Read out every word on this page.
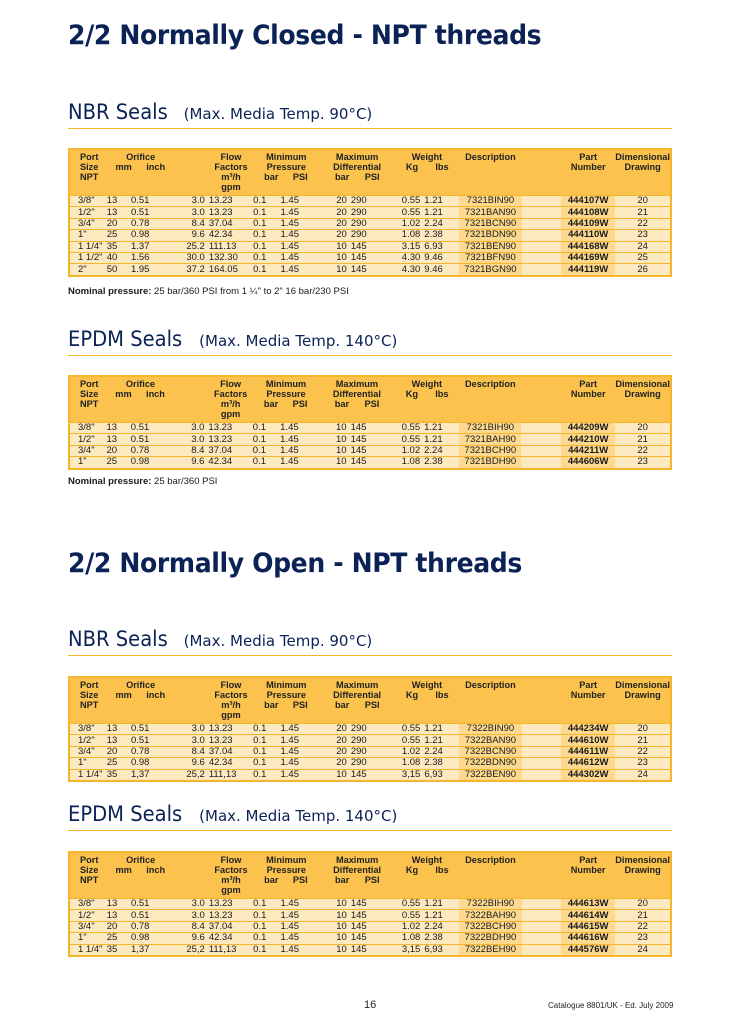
2/2 Normally Closed - NPT threads
NBR Seals (Max. Media Temp. 90°C)
Port
Size
NPT	Orifice
mm inch			Flow Factors
m³/hgpm	Minimum
Pressure
bar PSI		Maximum
Differential
bar PSI		Weight
Kg lbs		Description		Part
Number	Dimensional
Drawing
3/8"	13	0.51	3.0	13.23	0.1	1.45	20	290	0.55	1.21	7321BIN90		444107W	20
1/2"	13	0.51	3.0	13.23	0.1	1.45	20	290	0.55	1.21	7321BAN90		444108W	21
3/4"	20	0.78	8.4	37.04	0.1	1.45	20	290	1.02	2.24	7321BCN90		444109W	22
1"	25	0.98	9.6	42.34	0.1	1.45	20	290	1.08	2.38	7321BDN90		444110W	23
1 1/4"	35	1.37	25.2	111.13	0.1	1.45	10	145	3.15	6.93	7321BEN90		444168W	24
1 1/2"	40	1.56	30.0	132.30	0.1	1.45	10	145	4.30	9.46	7321BFN90		444169W	25
2"	50	1.95	37.2	164.05	0.1	1.45	10	145	4.30	9.46	7321BGN90		444119W	26

Nominal pressure: 25 bar/360 PSI from 1 ¼" to 2" 16 bar/230 PSI

EPDM Seals (Max. Media Temp. 140°C)
Port
Size
NPT	Orifice
mm inch			Flow Factors
m³/hgpm	Minimum
Pressure
bar PSI		Maximum
Differential
bar PSI		Weight
Kg lbs		Description		Part
Number	Dimensional
Drawing
3/8"	13	0.51	3.0	13.23	0.1	1.45	10	145	0.55	1.21	7321BIH90		444209W	20
1/2"	13	0.51	3.0	13.23	0.1	1.45	10	145	0.55	1.21	7321BAH90		444210W	21
3/4"	20	0.78	8.4	37.04	0.1	1.45	10	145	1.02	2.24	7321BCH90		444211W	22
1"	25	0.98	9.6	42.34	0.1	1.45	10	145	1.08	2.38	7321BDH90		444606W	23

Nominal pressure: 25 bar/360 PSI

2/2 Normally Open - NPT threads
NBR Seals (Max. Media Temp. 90°C)
Port
Size
NPT	Orifice
mm inch			Flow Factors
m³/hgpm	Minimum
Pressure
bar PSI		Maximum
Differential
bar PSI		Weight
Kg lbs		Description		Part
Number	Dimensional
Drawing
3/8"	13	0.51	3.0	13.23	0.1	1.45	20	290	0.55	1.21	7322BIN90		444234W	20
1/2"	13	0.51	3.0	13.23	0.1	1.45	20	290	0.55	1.21	7322BAN90		444610W	21
3/4"	20	0.78	8.4	37.04	0.1	1.45	20	290	1.02	2.24	7322BCN90		444611W	22
1"	25	0.98	9.6	42.34	0.1	1.45	20	290	1.08	2.38	7322BDN90		444612W	23
1 1/4"	35	1,37	25,2	111,13	0.1	1.45	10	145	3,15	6,93	7322BEN90		444302W	24
EPDM Seals (Max. Media Temp. 140°C)
Port
Size
NPT	Orifice
mm inch			Flow Factors
m³/hgpm	Minimum
Pressure
bar PSI		Maximum
Differential
bar PSI		Weight
Kg lbs		Description		Part
Number	Dimensional
Drawing
3/8"	13	0.51	3.0	13.23	0.1	1.45	10	145	0.55	1.21	7322BIH90		444613W	20
1/2"	13	0.51	3.0	13.23	0.1	1.45	10	145	0.55	1.21	7322BAH90		444614W	21
3/4"	20	0.78	8.4	37.04	0.1	1.45	10	145	1.02	2.24	7322BCH90		444615W	22
1"	25	0.98	9.6	42.34	0.1	1.45	10	145	1.08	2.38	7322BDH90		444616W	23
1 1/4"	35	1,37	25,2	111,13	0.1	1.45	10	145	3,15	6,93	7322BEH90		444576W	24
16	Catalogue 8801/UK - Ed. July 2009
